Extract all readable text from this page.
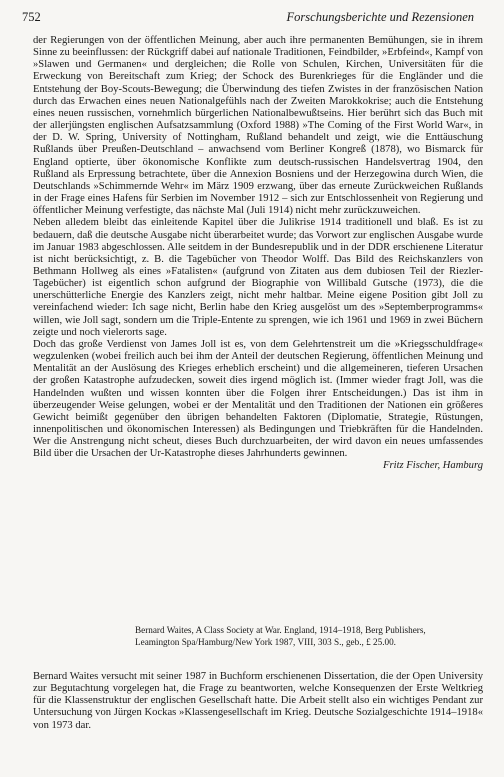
752	Forschungsberichte und Rezensionen

der Regierungen von der öffentlichen Meinung, aber auch ihre permanenten Bemühungen, sie in ihrem Sinne zu beeinflussen: der Rückgriff dabei auf nationale Traditionen, Feindbilder, »Erbfeind«, Kampf von »Slawen und Germanen« und dergleichen; die Rolle von Schulen, Kirchen, Universitäten für die Erweckung von Bereitschaft zum Krieg; der Schock des Burenkrieges für die Engländer und die Entstehung der Boy-Scouts-Bewegung; die Überwindung des tiefen Zwistes in der französischen Nation durch das Erwachen eines neuen Nationalgefühls nach der Zweiten Marokkokrise; auch die Entstehung eines neuen russischen, vornehmlich bürgerlichen Nationalbewußtseins. Hier berührt sich das Buch mit der allerjüngsten englischen Aufsatzsammlung (Oxford 1988) »The Coming of the First World War«, in der D. W. Spring, University of Nottingham, Rußland behandelt und zeigt, wie die Enttäuschung Rußlands über Preußen-Deutschland – anwachsend vom Berliner Kongreß (1878), wo Bismarck für England optierte, über ökonomische Konflikte zum deutsch-russischen Handelsvertrag 1904, den Rußland als Erpressung betrachtete, über die Annexion Bosniens und der Herzegowina durch Wien, die Deutschlands »Schimmernde Wehr« im März 1909 erzwang, über das erneute Zurückweichen Rußlands in der Frage eines Hafens für Serbien im November 1912 – sich zur Entschlossenheit von Regierung und öffentlicher Meinung verfestigte, das nächste Mal (Juli 1914) nicht mehr zurückzuweichen.

Neben alledem bleibt das einleitende Kapitel über die Julikrise 1914 traditionell und blaß. Es ist zu bedauern, daß die deutsche Ausgabe nicht überarbeitet wurde; das Vorwort zur englischen Ausgabe wurde im Januar 1983 abgeschlossen. Alle seitdem in der Bundesrepublik und in der DDR erschienene Literatur ist nicht berücksichtigt, z. B. die Tagebücher von Theodor Wolff. Das Bild des Reichskanzlers von Bethmann Hollweg als eines »Fatalisten« (aufgrund von Zitaten aus dem dubiosen Teil der Riezler-Tagebücher) ist eigentlich schon aufgrund der Biographie von Willibald Gutsche (1973), die die unerschütterliche Energie des Kanzlers zeigt, nicht mehr haltbar. Meine eigene Position gibt Joll zu vereinfachend wieder: Ich sage nicht, Berlin habe den Krieg ausgelöst um des »Septemberprogramms« willen, wie Joll sagt, sondern um die Triple-Entente zu sprengen, wie ich 1961 und 1969 in zwei Büchern zeigte und noch vielerorts sage.

Doch das große Verdienst von James Joll ist es, von dem Gelehrtenstreit um die »Kriegsschuldfrage« wegzulenken (wobei freilich auch bei ihm der Anteil der deutschen Regierung, öffentlichen Meinung und Mentalität an der Auslösung des Krieges erheblich erscheint) und die allgemeineren, tieferen Ursachen der großen Katastrophe aufzudecken, soweit dies irgend möglich ist. (Immer wieder fragt Joll, was die Handelnden wußten und wissen konnten über die Folgen ihrer Entscheidungen.) Das ist ihm in überzeugender Weise gelungen, wobei er der Mentalität und den Traditionen der Nationen ein größeres Gewicht beimißt gegenüber den übrigen behandelten Faktoren (Diplomatie, Strategie, Rüstungen, innenpolitischen und ökonomischen Interessen) als Bedingungen und Triebkräften für die Handelnden. Wer die Anstrengung nicht scheut, dieses Buch durchzuarbeiten, der wird davon ein neues umfassendes Bild über die Ursachen der Ur-Katastrophe dieses Jahrhunderts gewinnen.

Fritz Fischer, Hamburg

Bernard Waites, A Class Society at War. England, 1914–1918, Berg Publishers,

Leamington Spa/Hamburg/New York 1987, VIII, 303 S., geb., £ 25.00.

Bernard Waites versucht mit seiner 1987 in Buchform erschienenen Dissertation, die der Open University zur Begutachtung vorgelegen hat, die Frage zu beantworten, welche Konsequenzen der Erste Weltkrieg für die Klassenstruktur der englischen Gesellschaft hatte. Die Arbeit stellt also ein wichtiges Pendant zur Untersuchung von Jürgen Kockas »Klassengesellschaft im Krieg. Deutsche Sozialgeschichte 1914–1918« von 1973 dar.
